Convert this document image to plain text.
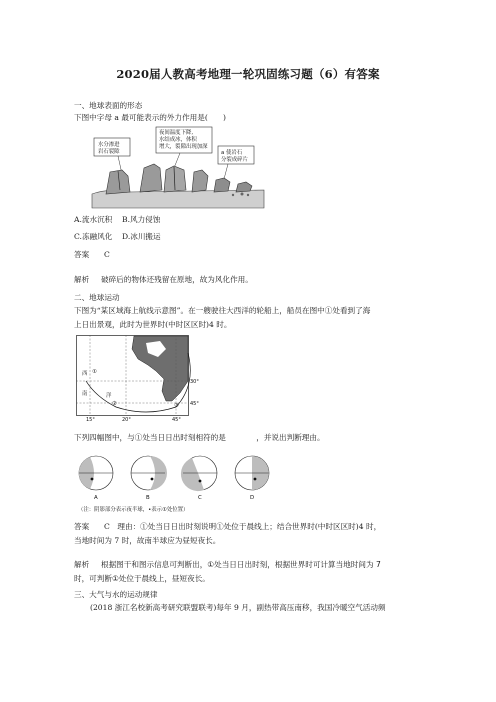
2020届人教高考地理一轮巩固练习题（6）有答案
一、地球表面的形态
下图中字母 a 最可能表示的外力作用是(　　)
水分渗进
岩石裂隙
夜间温度下降,
水结成冰，体积
增大，裂隙出现加深
a 使岩石
分裂成碎片
A.流水沉积 B.风力侵蚀
C.冻融风化 D.冰川搬运
答案 C
解析 破碎后的物体还残留在原地，故为风化作用。
二、地球运动
下图为“某区域海上航线示意图”。在一艘驶往大西洋的轮船上，船员在图中①处看到了海
上日出景观，此时为世界时(中时区区时)4 时。
西
南	洋
①
②	③
30°
45°
15°	20°	45°
下列四幅图中，与①处当日日出时刻相符的是　　　　，并说出判断理由。
A	B	C	D
（注：阴影部分表示夜半球，•表示①处位置）
答案 C　理由：①处当日日出时刻说明①处位于晨线上；结合世界时(中时区区时)4 时，
当地时间为 7 时，故南半球应为昼短夜长。
解析 根据图干和图示信息可判断出，①处当日日出时刻，根据世界时可计算当地时间为 7
时，可判断①处位于晨线上，昼短夜长。
三、大气与水的运动规律
(2018 浙江名校新高考研究联盟联考)每年 9 月，副热带高压南移，我国冷暖空气活动频
